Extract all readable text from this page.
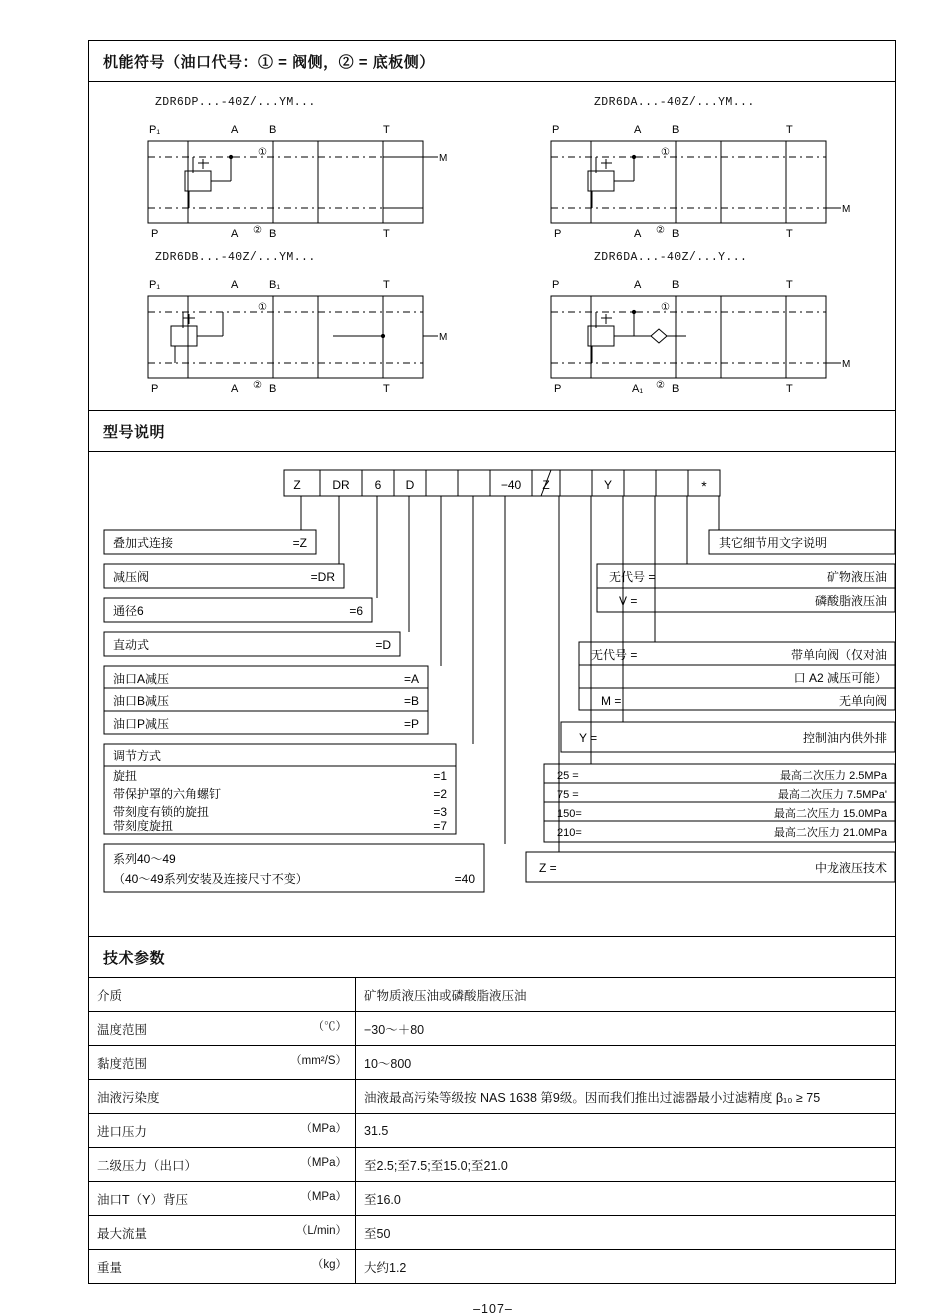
机能符号（油口代号：① = 阀侧，② = 底板侧）
ZDR6DP...-40Z/...YM...
P₁	A	B	T
P	A	B	T
①
②
M
ZDR6DA...-40Z/...YM...
P	A	B	T
P	A	B	T
①
②
M
ZDR6DB...-40Z/...YM...
P₁	A	B₁	T
P	A	B	T
①
②
M
ZDR6DA...-40Z/...Y...
P	A	B	T
P	A₁	B	T
①
②
M
型号说明
Z	DR 6 D	−40 Z	Y	*
叠加式连接	=Z
减压阀	=DR
通径6	=6
直动式	=D
油口A减压	=A
油口B减压	=B
油口P减压	=P
调节方式
旋扭	=1
带保护罩的六角螺钉	=2
带刻度有锁的旋扭	=3
带刻度旋扭	=7
系列40～49
（40～49系列安装及连接尺寸不变）	=40
其它细节用文字说明
无代号 =	矿物液压油
V =	磷酸脂液压油
无代号 =	带单向阀（仅对油
口 A2 减压可能）
M =	无单向阀
Y =	控制油内供外排
25 =	最高二次压力 2.5MPa
75 =	最高二次压力 7.5MPa'
150=	最高二次压力 15.0MPa
210=	最高二次压力 21.0MPa
Z =	中龙液压技术
技术参数
介质	矿物质液压油或磷酸脂液压油
温度范围 （℃）	−30～＋80
黏度范围 （mm²/S）	10～800
油液污染度	油液最高污染等级按 NAS 1638 第9级。因而我们推出过滤器最小过滤精度 β₁₀ ≥ 75
进口压力 （MPa）	31.5
二级压力（出口） （MPa）	至2.5;至7.5;至15.0;至21.0
油口T（Y）背压 （MPa）	至16.0
最大流量 （L/min）	至50
重量 （kg）	大约1.2
–107–
